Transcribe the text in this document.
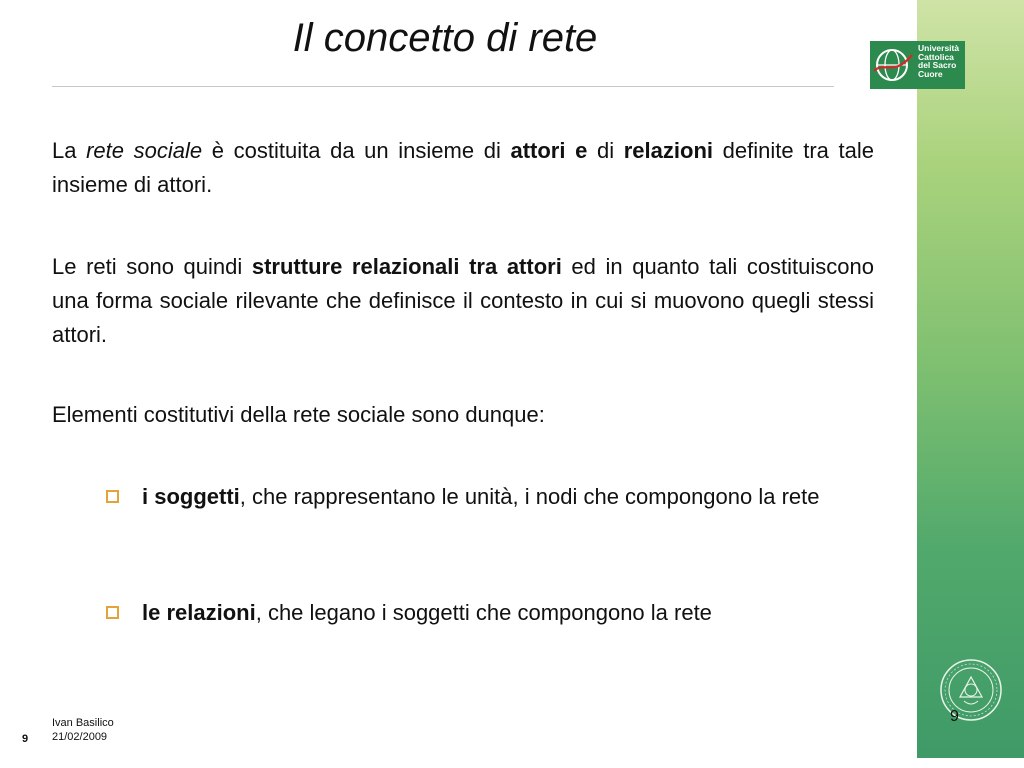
Il concetto di rete	Università
Cattolica
del Sacro
Cuore

La rete sociale è costituita da un insieme di attori e di relazioni definite tra tale insieme di attori.

Le reti sono quindi strutture relazionali tra attori ed in quanto tali costituiscono una forma sociale rilevante che definisce il contesto in cui si muovono quegli stessi attori.

Elementi costitutivi della rete sociale sono dunque:

i soggetti, che rappresentano le unità, i nodi che compongono la rete
le relazioni, che legano i soggetti che compongono la rete
9
Ivan Basilico
21/02/2009
9
